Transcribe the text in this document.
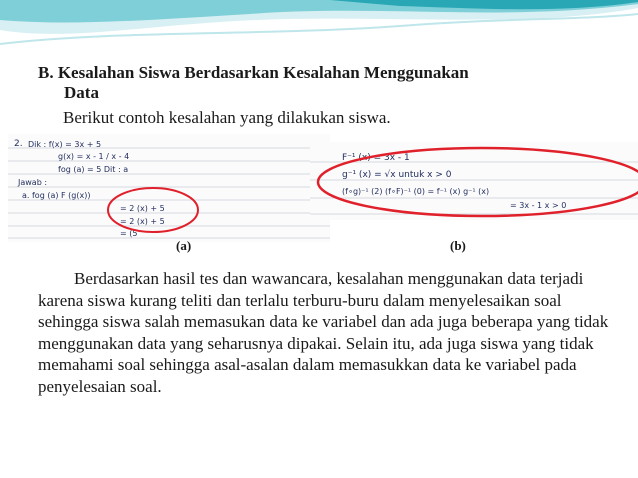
B. Kesalahan Siswa Berdasarkan Kesalahan Menggunakan
Data
Berikut contoh kesalahan yang dilakukan siswa.
2. Dik : f(x) = 3x + 5
g(x) = x - 1 / x - 4
fog (a) = 5 Dit : a
Jawab :
a. fog (a) F (g(x))
= 2 (x) + 5
= 2 (x) + 5
= (5
F⁻¹ (x) = 3x - 1
g⁻¹ (x) = √x untuk x > 0
(f∘g)⁻¹ (2) (f∘F)⁻¹ (0) = f⁻¹ (x) g⁻¹ (x)
= 3x - 1 x > 0
(a)	(b)
Berdasarkan hasil tes dan wawancara, kesalahan menggunakan data terjadi karena siswa kurang teliti dan terlalu terburu-buru dalam menyelesaikan soal sehingga siswa salah memasukan data ke variabel dan ada juga beberapa yang tidak menggunakan data yang seharusnya dipakai. Selain itu, ada juga siswa yang tidak memahami soal sehingga asal-asalan dalam memasukkan data ke variabel pada penyelesaian soal.
